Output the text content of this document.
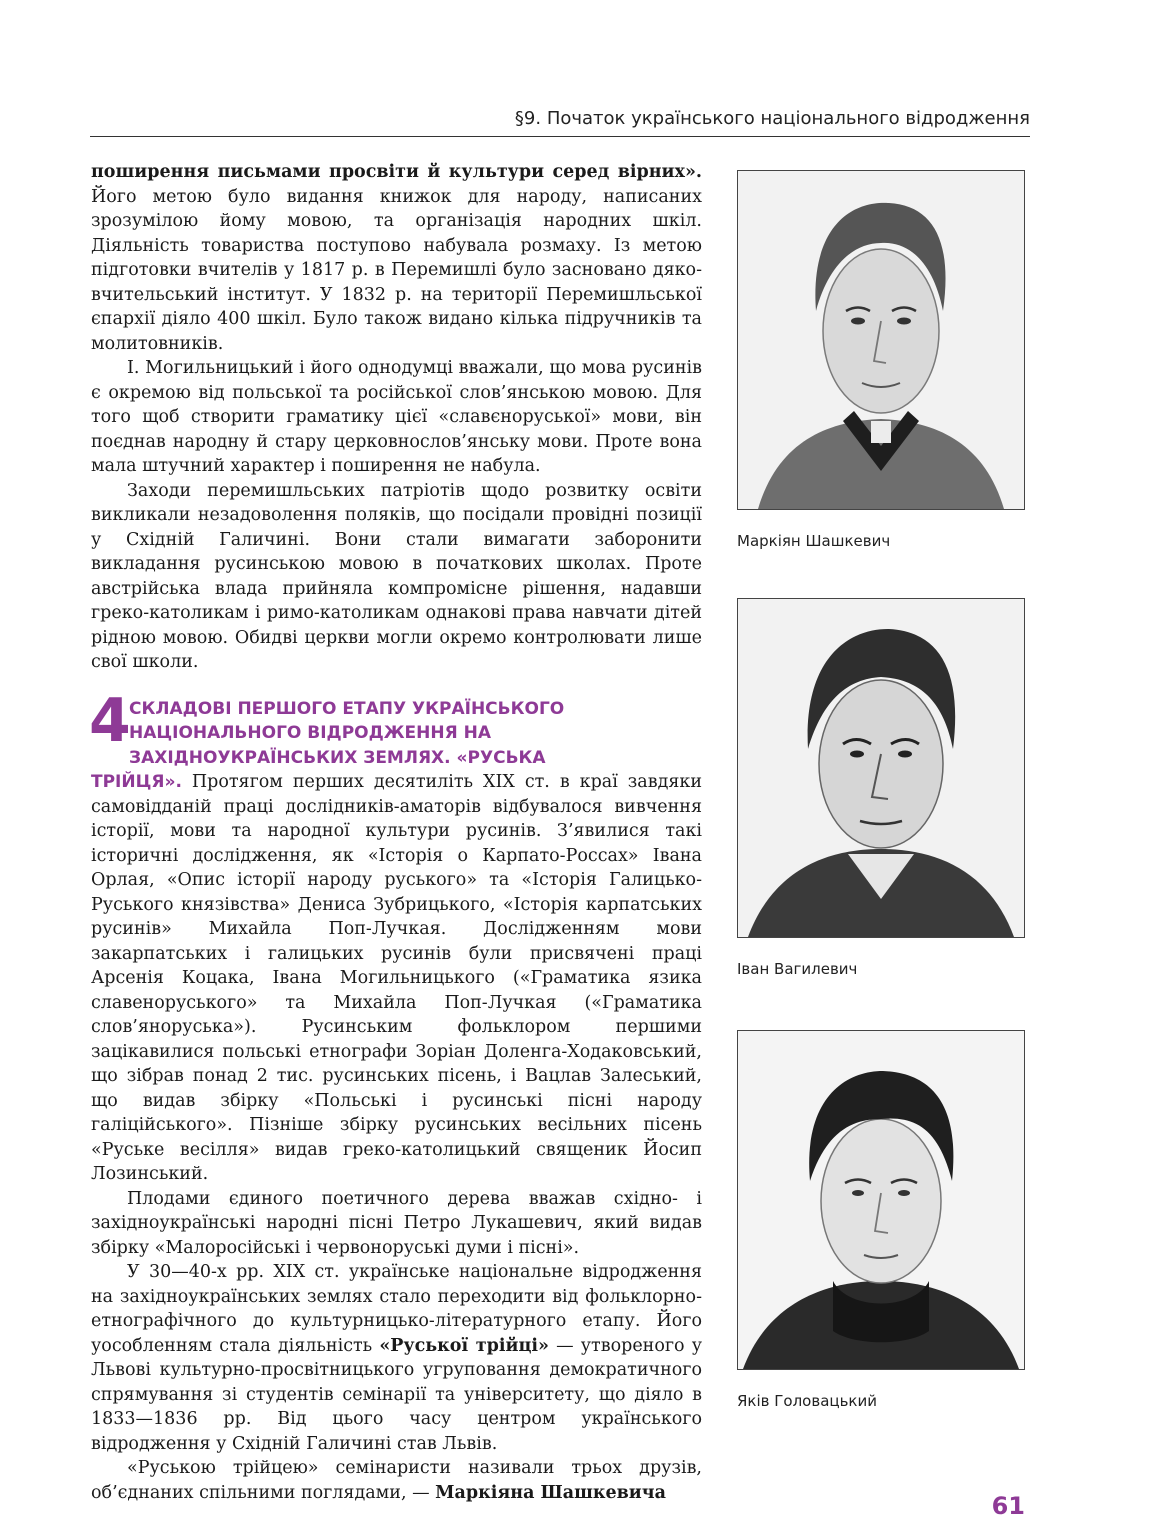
§9. Початок українського національного відродження

поширення письмами просвіти й культури серед вірних». Його метою було видання книжок для народу, написаних зрозумілою йому мовою, та організація народних шкіл. Діяльність товариства поступово набувала розмаху. Із метою підготовки вчителів у 1817 р. в Перемишлі було засновано дяко-вчительський інститут. У 1832 р. на території Перемишльської єпархії діяло 400 шкіл. Було також видано кілька підручників та молитовників.

І. Могильницький і його однодумці вважали, що мова русинів є окремою від польської та російської слов’янською мовою. Для того щоб створити граматику цієї «славєноруської» мови, він поєднав народну й стару церковнослов’янську мови. Проте вона мала штучний характер і поширення не набула.

Заходи перемишльських патріотів щодо розвитку освіти викликали незадоволення поляків, що посідали провідні позиції у Східній Галичині. Вони стали вимагати заборонити викладання русинською мовою в початкових школах. Проте австрійська влада прийняла компромісне рішення, надавши греко-католикам і римо-католикам однакові права навчати дітей рідною мовою. Обидві церкви могли окремо контролювати лише свої школи.

4
СКЛАДОВІ ПЕРШОГО ЕТАПУ УКРАЇНСЬКОГО НАЦІОНАЛЬНОГО ВІДРОДЖЕННЯ НА ЗАХІДНОУКРАЇНСЬКИХ ЗЕМЛЯХ. «РУСЬКА

ТРІЙЦЯ». Протягом перших десятиліть XIX ст. в краї завдяки самовідданій праці дослідників-аматорів відбувалося вивчення історії, мови та народної культури русинів. З’явилися такі історичні дослідження, як «Історія о Карпато-Россах» Івана Орлая, «Опис історії народу руського» та «Історія Галицько-Руського князівства» Дениса Зубрицького, «Історія карпатських русинів» Михайла Поп-Лучкая. Дослідженням мови закарпатських і галицьких русинів були присвячені праці Арсенія Коцака, Івана Могильницького («Граматика язика славеноруського» та Михайла Поп-Лучкая («Граматика слов’яноруська»). Русинським фольклором першими зацікавилися польські етнографи Зоріан Доленга-Ходаковський, що зібрав понад 2 тис. русинських пісень, і Вацлав Залеський, що видав збірку «Польські і русинські пісні народу галіційського». Пізніше збірку русинських весільних пісень «Руське весілля» видав греко-католицький священик Йосип Лозинський.

Плодами єдиного поетичного дерева вважав східно- і західноукраїнські народні пісні Петро Лукашевич, який видав збірку «Малоросійські і червоноруські думи і пісні».

У 30—40-х рр. XIX ст. українське національне відродження на західноукраїнських землях стало переходити від фольклорно-етнографічного до культурницько-літературного етапу. Його уособленням стала діяльність «Руської трійці» — утвореного у Львові культурно-просвітницького угруповання демократичного спрямування зі студентів семінарії та університету, що діяло в 1833—1836 рр. Від цього часу центром українського відродження у Східній Галичині став Львів.

«Руською трійцею» семінаристи називали трьох друзів, об’єднаних спільними поглядами, — Маркіяна Шашкевича

Маркіян Шашкевич
Іван Вагилевич
Яків Головацький
61
